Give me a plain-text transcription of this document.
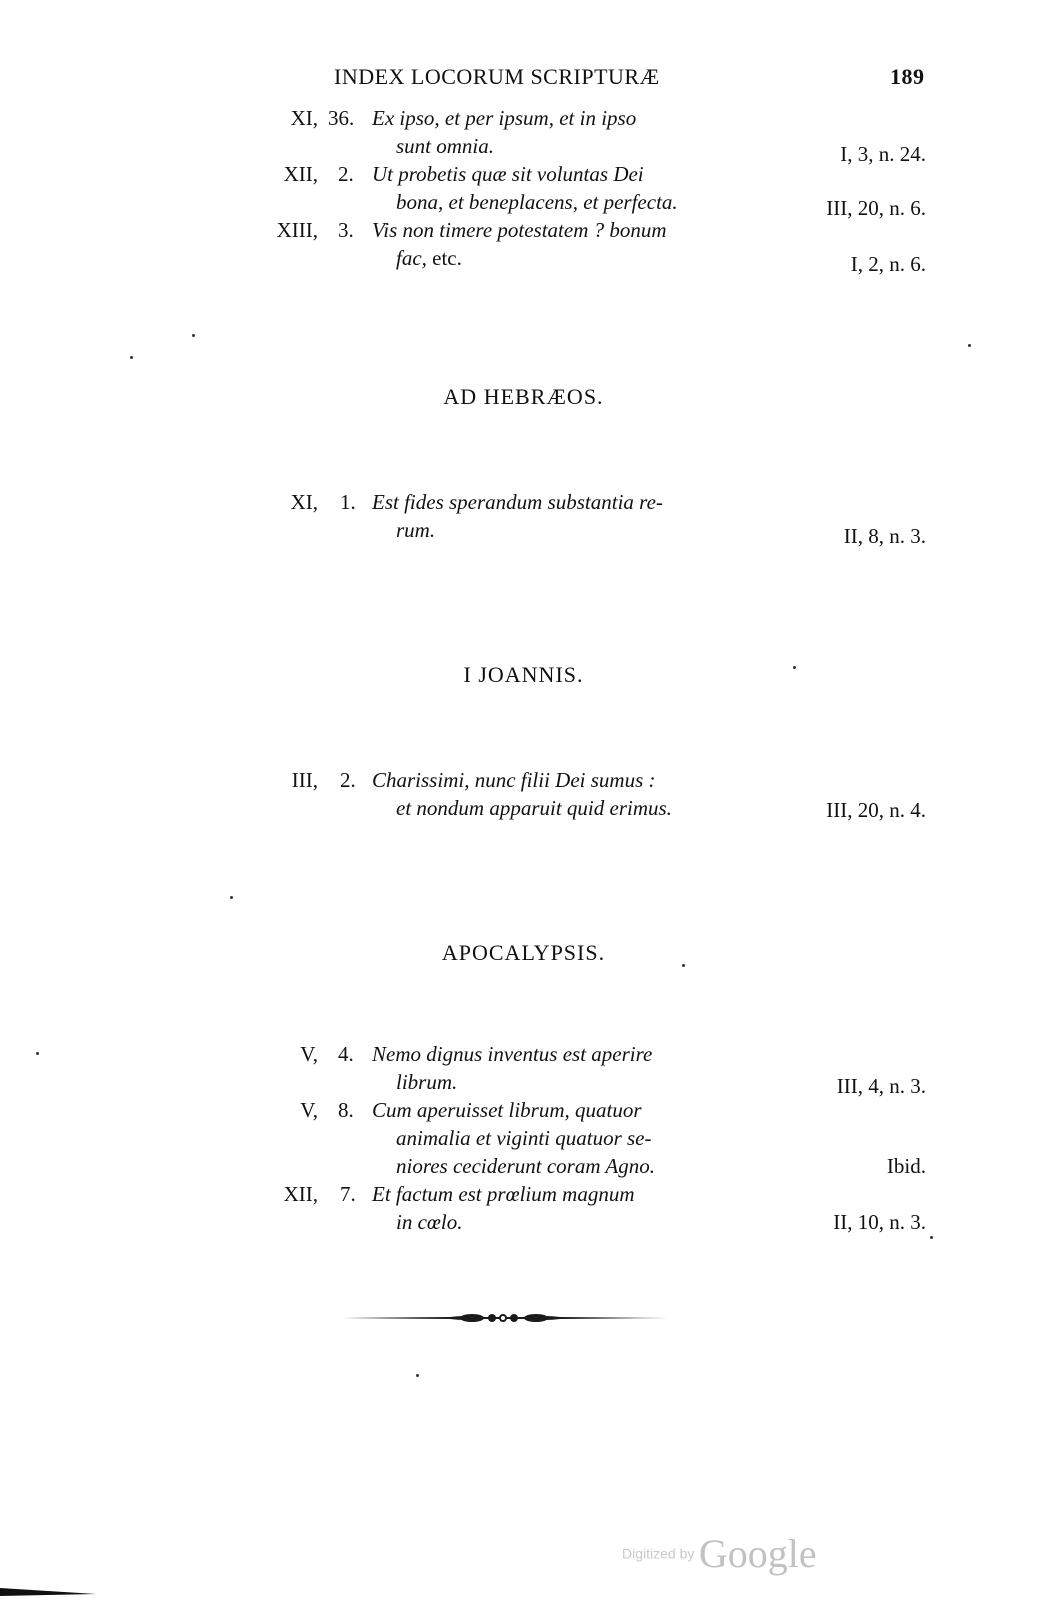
INDEX LOCORUM SCRIPTURÆ	189
XI, 36. Ex ipso, et per ipsum, et in ipso
sunt omnia.	I, 3, n. 24.
XII, 2. Ut probetis quæ sit voluntas Dei
bona, et beneplacens, et perfecta.	III, 20, n. 6.
XIII, 3. Vis non timere potestatem ? bonum
fac, etc.	I, 2, n. 6.
AD HEBRÆOS.
XI, 1. Est fides sperandum substantia re-
rum.	II, 8, n. 3.
I JOANNIS.
III, 2. Charissimi, nunc filii Dei sumus :
et nondum apparuit quid erimus.	III, 20, n. 4.
APOCALYPSIS.
V, 4. Nemo dignus inventus est aperire
librum.	III, 4, n. 3.
V, 8. Cum aperuisset librum, quatuor
animalia et viginti quatuor se-
niores ceciderunt coram Agno.	Ibid.
XII, 7. Et factum est prœlium magnum
in cœlo.	II, 10, n. 3.
Digitized by Google
